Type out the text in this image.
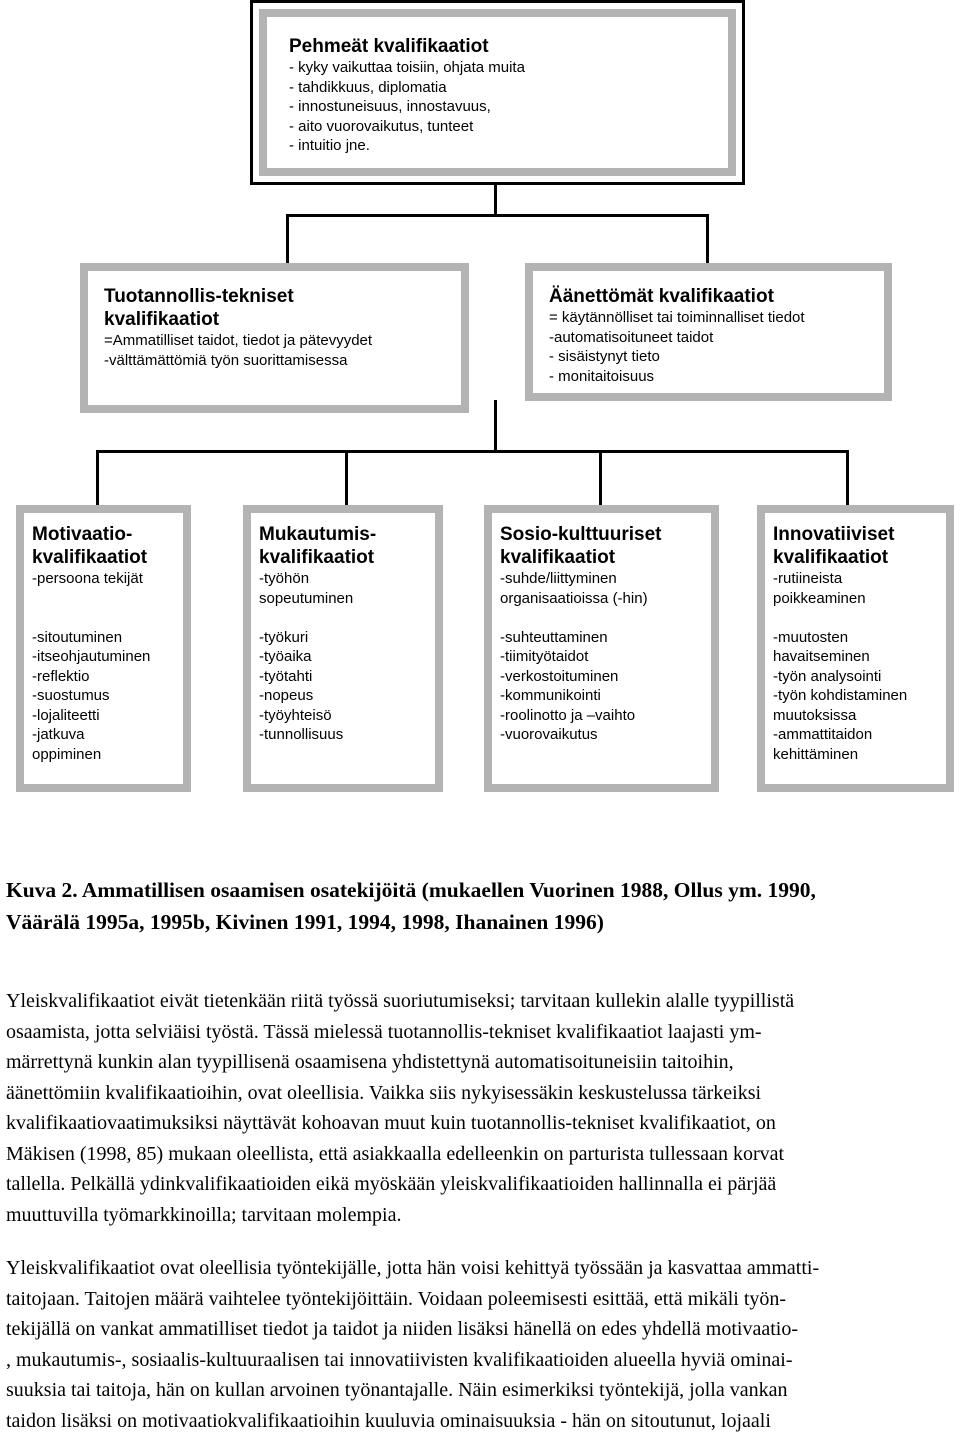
Pehmeät kvalifikaatiot
- kyky vaikuttaa toisiin, ohjata muita
- tahdikkuus, diplomatia
- innostuneisuus, innostavuus,
- aito vuorovaikutus, tunteet
- intuitio jne.
Tuotannollis-tekniset
kvalifikaatiot
=Ammatilliset taidot, tiedot ja pätevyydet
-välttämättömiä työn suorittamisessa
Äänettömät kvalifikaatiot
= käytännölliset tai toiminnalliset tiedot
-automatisoituneet taidot
- sisäistynyt tieto
- monitaitoisuus
Motivaatio-
kvalifikaatiot
-persoona tekijät
-sitoutuminen
-itseohjautuminen
-reflektio
-suostumus
-lojaliteetti
-jatkuva
oppiminen
Mukautumis-
kvalifikaatiot
-työhön
sopeutuminen
-työkuri
-työaika
-työtahti
-nopeus
-työyhteisö
-tunnollisuus
Sosio-kulttuuriset
kvalifikaatiot
-suhde/liittyminen
organisaatioissa (-hin)
-suhteuttaminen
-tiimityötaidot
-verkostoituminen
-kommunikointi
-roolinotto ja –vaihto
-vuorovaikutus
Innovatiiviset
kvalifikaatiot
-rutiineista
poikkeaminen
-muutosten
havaitseminen
-työn analysointi
-työn kohdistaminen
muutoksissa
-ammattitaidon
kehittäminen
Kuva 2. Ammatillisen osaamisen osatekijöitä (mukaellen Vuorinen 1988, Ollus ym. 1990,
Väärälä 1995a, 1995b, Kivinen 1991, 1994, 1998, Ihanainen 1996)
Yleiskvalifikaatiot eivät tietenkään riitä työssä suoriutumiseksi; tarvitaan kullekin alalle tyypillistä
osaamista, jotta selviäisi työstä. Tässä mielessä tuotannollis-tekniset kvalifikaatiot laajasti ym-
märrettynä kunkin alan tyypillisenä osaamisena yhdistettynä automatisoituneisiin taitoihin,
äänettömiin kvalifikaatioihin, ovat oleellisia. Vaikka siis nykyisessäkin keskustelussa tärkeiksi
kvalifikaatiovaatimuksiksi näyttävät kohoavan muut kuin tuotannollis-tekniset kvalifikaatiot, on
Mäkisen (1998, 85) mukaan oleellista, että asiakkaalla edelleenkin on parturista tullessaan korvat
tallella. Pelkällä ydinkvalifikaatioiden eikä myöskään yleiskvalifikaatioiden hallinnalla ei pärjää
muuttuvilla työmarkkinoilla; tarvitaan molempia.
Yleiskvalifikaatiot ovat oleellisia työntekijälle, jotta hän voisi kehittyä työssään ja kasvattaa ammatti-
taitojaan. Taitojen määrä vaihtelee työntekijöittäin. Voidaan poleemisesti esittää, että mikäli työn-
tekijällä on vankat ammatilliset tiedot ja taidot ja niiden lisäksi hänellä on edes yhdellä motivaatio-
, mukautumis-, sosiaalis-kultuuraalisen tai innovatiivisten kvalifikaatioiden alueella hyviä ominai-
suuksia tai taitoja, hän on kullan arvoinen työnantajalle. Näin esimerkiksi työntekijä, jolla vankan
taidon lisäksi on motivaatiokvalifikaatioihin kuuluvia ominaisuuksia - hän on sitoutunut, lojaali
